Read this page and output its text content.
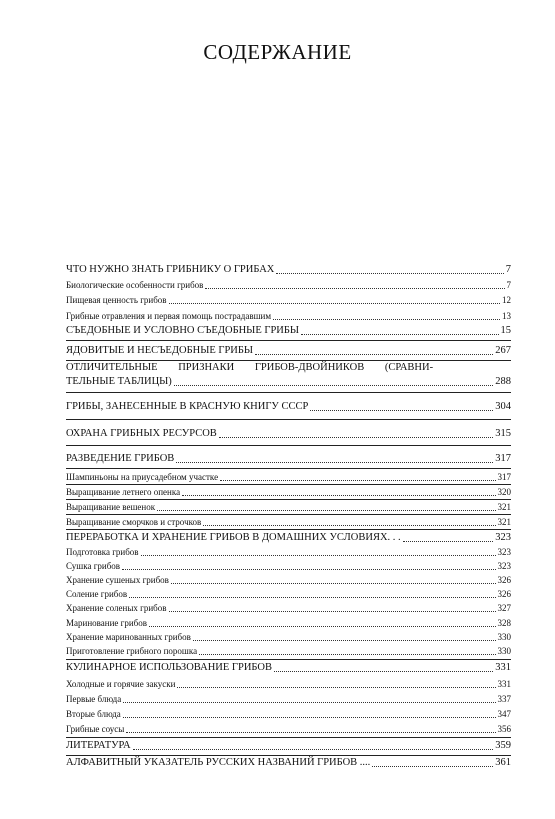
СОДЕРЖАНИЕ
ЧТО НУЖНО ЗНАТЬ ГРИБНИКУ О ГРИБАХ	7
Биологические особенности грибов	7
Пищевая ценность грибов	12
Грибные отравления и первая помощь пострадавшим	13
СЪЕДОБНЫЕ И УСЛОВНО СЪЕДОБНЫЕ ГРИБЫ	15
ЯДОВИТЫЕ И НЕСЪЕДОБНЫЕ ГРИБЫ	267
ОТЛИЧИТЕЛЬНЫЕ ПРИЗНАКИ ГРИБОВ-ДВОЙНИКОВ (СРАВНИ-
ТЕЛЬНЫЕ ТАБЛИЦЫ)	288
ГРИБЫ, ЗАНЕСЕННЫЕ В КРАСНУЮ КНИГУ СССР	304
ОХРАНА ГРИБНЫХ РЕСУРСОВ	315
РАЗВЕДЕНИЕ ГРИБОВ	317
Шампиньоны на приусадебном участке	317
Выращивание летнего опенка	320
Выращивание вешенок	321
Выращивание сморчков и строчков	321
ПЕРЕРАБОТКА И ХРАНЕНИЕ ГРИБОВ В ДОМАШНИХ УСЛОВИЯХ. . .	323
Подготовка грибов	323
Сушка грибов	323
Хранение сушеных грибов	326
Соление грибов	326
Хранение соленых грибов	327
Маринование грибов	328
Хранение маринованных грибов	330
Приготовление грибного порошка	330
КУЛИНАРНОЕ ИСПОЛЬЗОВАНИЕ ГРИБОВ	331
Холодные и горячие закуски	331
Первые блюда	337
Вторые блюда	347
Грибные соусы	356
ЛИТЕРАТУРА	359
АЛФАВИТНЫЙ УКАЗАТЕЛЬ РУССКИХ НАЗВАНИЙ ГРИБОВ ....	361
